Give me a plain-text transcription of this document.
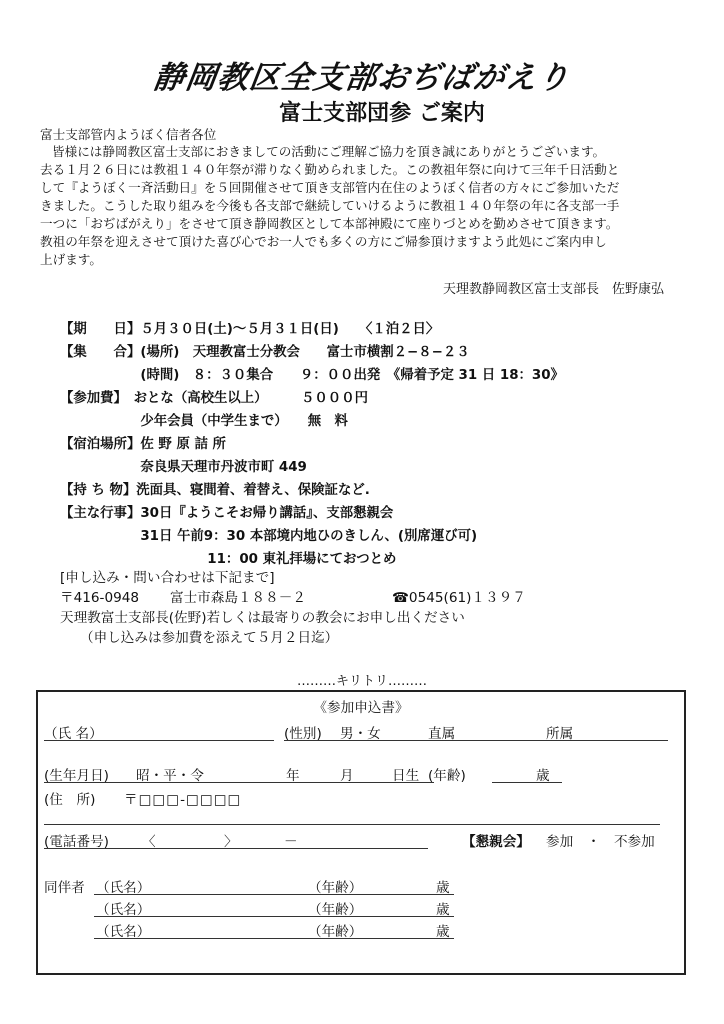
静岡教区全支部おぢばがえり
富士支部団参 ご案内
富士支部管内ようぼく信者各位
皆様には静岡教区富士支部におきましての活動にご理解ご協力を頂き誠にありがとうございます。
去る１月２６日には教祖１４０年祭が滞りなく勤められました。この教祖年祭に向けて三年千日活動と
して『ようぼく一斉活動日』を５回開催させて頂き支部管内在住のようぼく信者の方々にご参加いただ
きました。こうした取り組みを今後も各支部で継続していけるように教祖１４０年祭の年に各支部一手
一つに「おぢばがえり」をさせて頂き静岡教区として本部神殿にて座りづとめを勤めさせて頂きます。
教祖の年祭を迎えさせて頂けた喜び心でお一人でも多くの方にご帰参頂けますよう此処にご案内申し
上げます。
天理教静岡教区富士支部長　佐野康弘
【期　　日】５月３０日(土)～５月３１日(日)　　〈１泊２日〉
【集　　合】(場所)　天理教富士分教会　　富士市横割２−８−２３
　　　　　　(時間)　８：３０集合　　９：００出発　《帰着予定 31 日 18：30》
【参加費】　おとな（高校生以上）　　　５０００円
　　　　　　少年会員（中学生まで）　　無　料
【宿泊場所】佐 野 原 詰 所
　　　　　　奈良県天理市丹波市町 449
【持 ち 物】洗面具、寝間着、着替え、保険証など.
【主な行事】30日『ようこそお帰り講話』、支部懇親会
　　　　　　31日 午前9：30 本部境内地ひのきしん、(別席運び可)
　　　　　　　　　　　11：00 東礼拝場にておつとめ
[申し込み・問い合わせは下記まで]
〒416-0948 富士市森島１８８－２	☎0545(61)１３９７
天理教富士支部長(佐野)若しくは最寄りの教会にお申し出ください
（申し込みは参加費を添えて５月２日迄）
………キリトリ………
《参加申込書》
（氏 名）	(性別) 男・女	直属	所属
(生年月日) 昭・平・令	年	月	日生 (年齢)	歳
(住　所) 〒□□□-□□□□
(電話番号) 〈	〉	－	【懇親会】 参加　・　不参加
同伴者 （氏名）	（年齢）	歳
（氏名）	（年齢）	歳
（氏名）	（年齢）	歳
